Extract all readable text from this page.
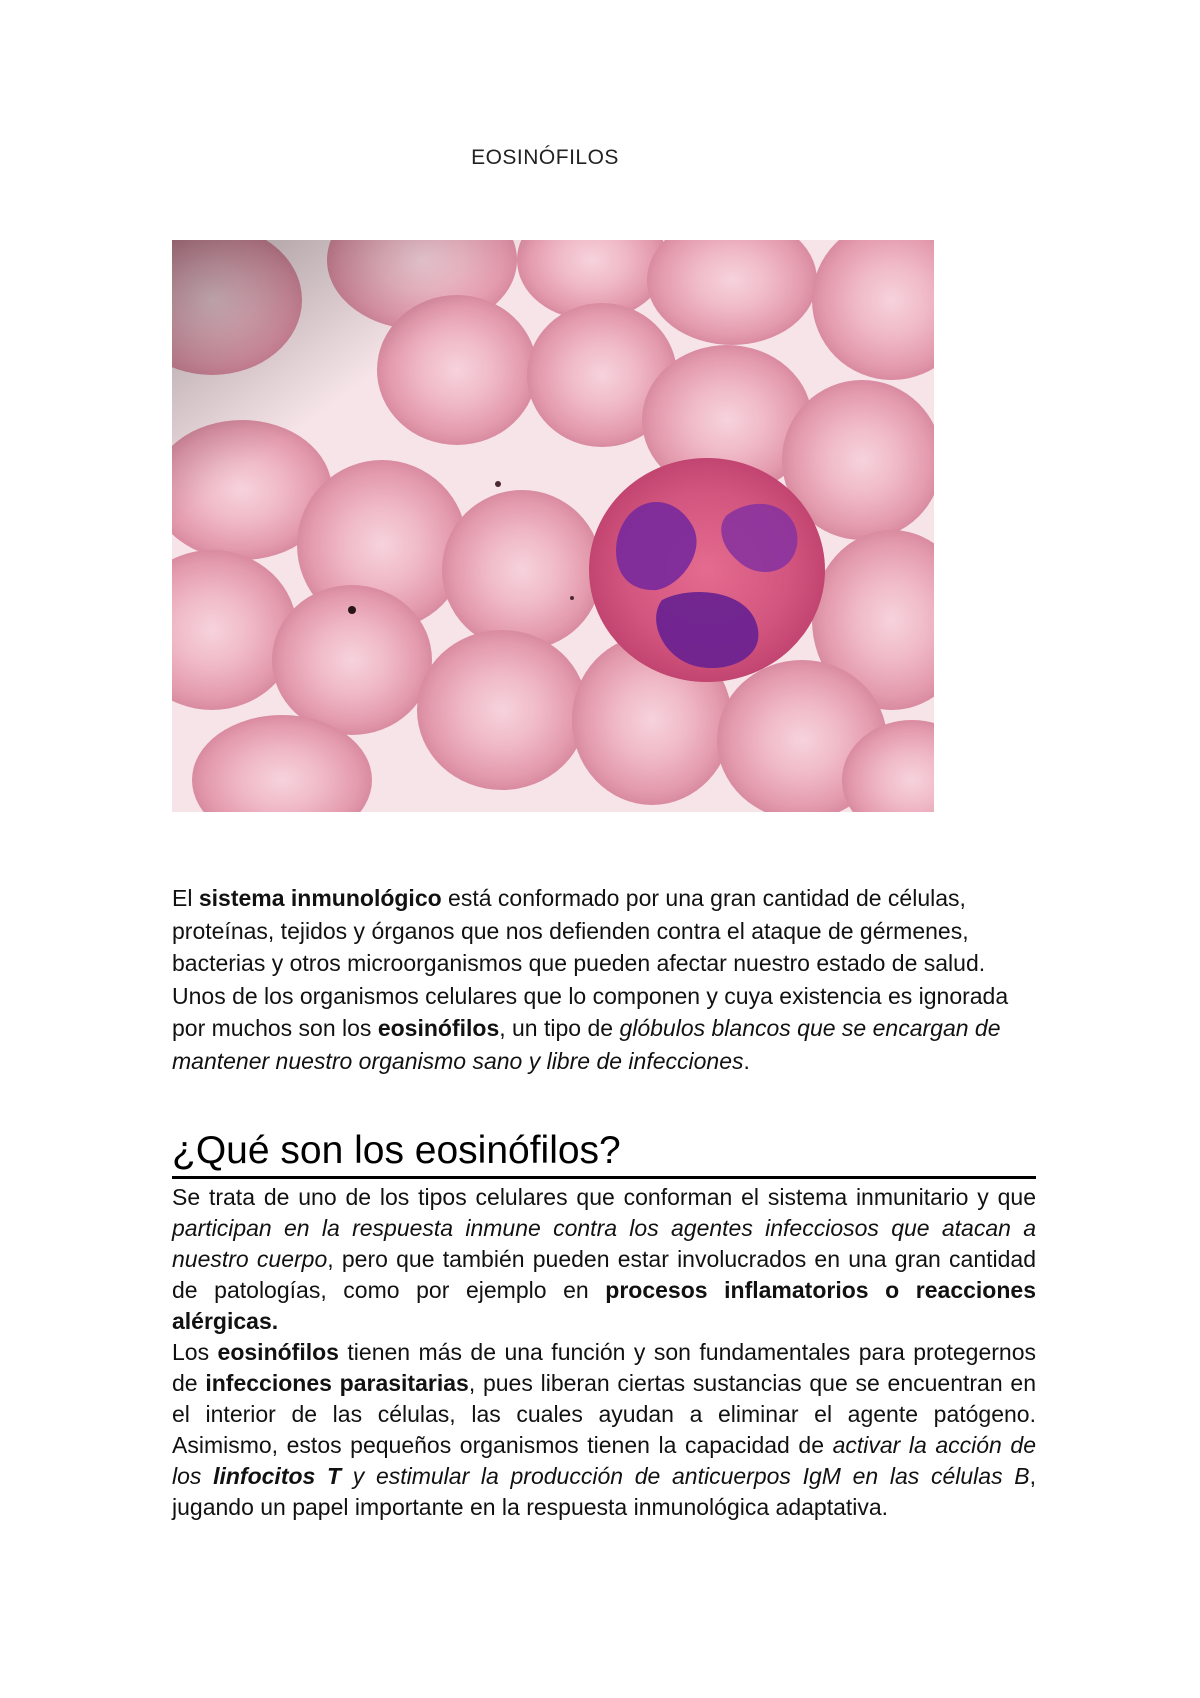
EOSINÓFILOS

El sistema inmunológico está conformado por una gran cantidad de células, proteínas, tejidos y órganos que nos defienden contra el ataque de gérmenes, bacterias y otros microorganismos que pueden afectar nuestro estado de salud. Unos de los organismos celulares que lo componen y cuya existencia es ignorada por muchos son los eosinófilos, un tipo de glóbulos blancos que se encargan de mantener nuestro organismo sano y libre de infecciones.

¿Qué son los eosinófilos?

Se trata de uno de los tipos celulares que conforman el sistema inmunitario y que participan en la respuesta inmune contra los agentes infecciosos que atacan a nuestro cuerpo, pero que también pueden estar involucrados en una gran cantidad de patologías, como por ejemplo en procesos inflamatorios o reacciones alérgicas.

Los eosinófilos tienen más de una función y son fundamentales para protegernos de infecciones parasitarias, pues liberan ciertas sustancias que se encuentran en el interior de las células, las cuales ayudan a eliminar el agente patógeno. Asimismo, estos pequeños organismos tienen la capacidad de activar la acción de los linfocitos T y estimular la producción de anticuerpos IgM en las células B, jugando un papel importante en la respuesta inmunológica adaptativa.
